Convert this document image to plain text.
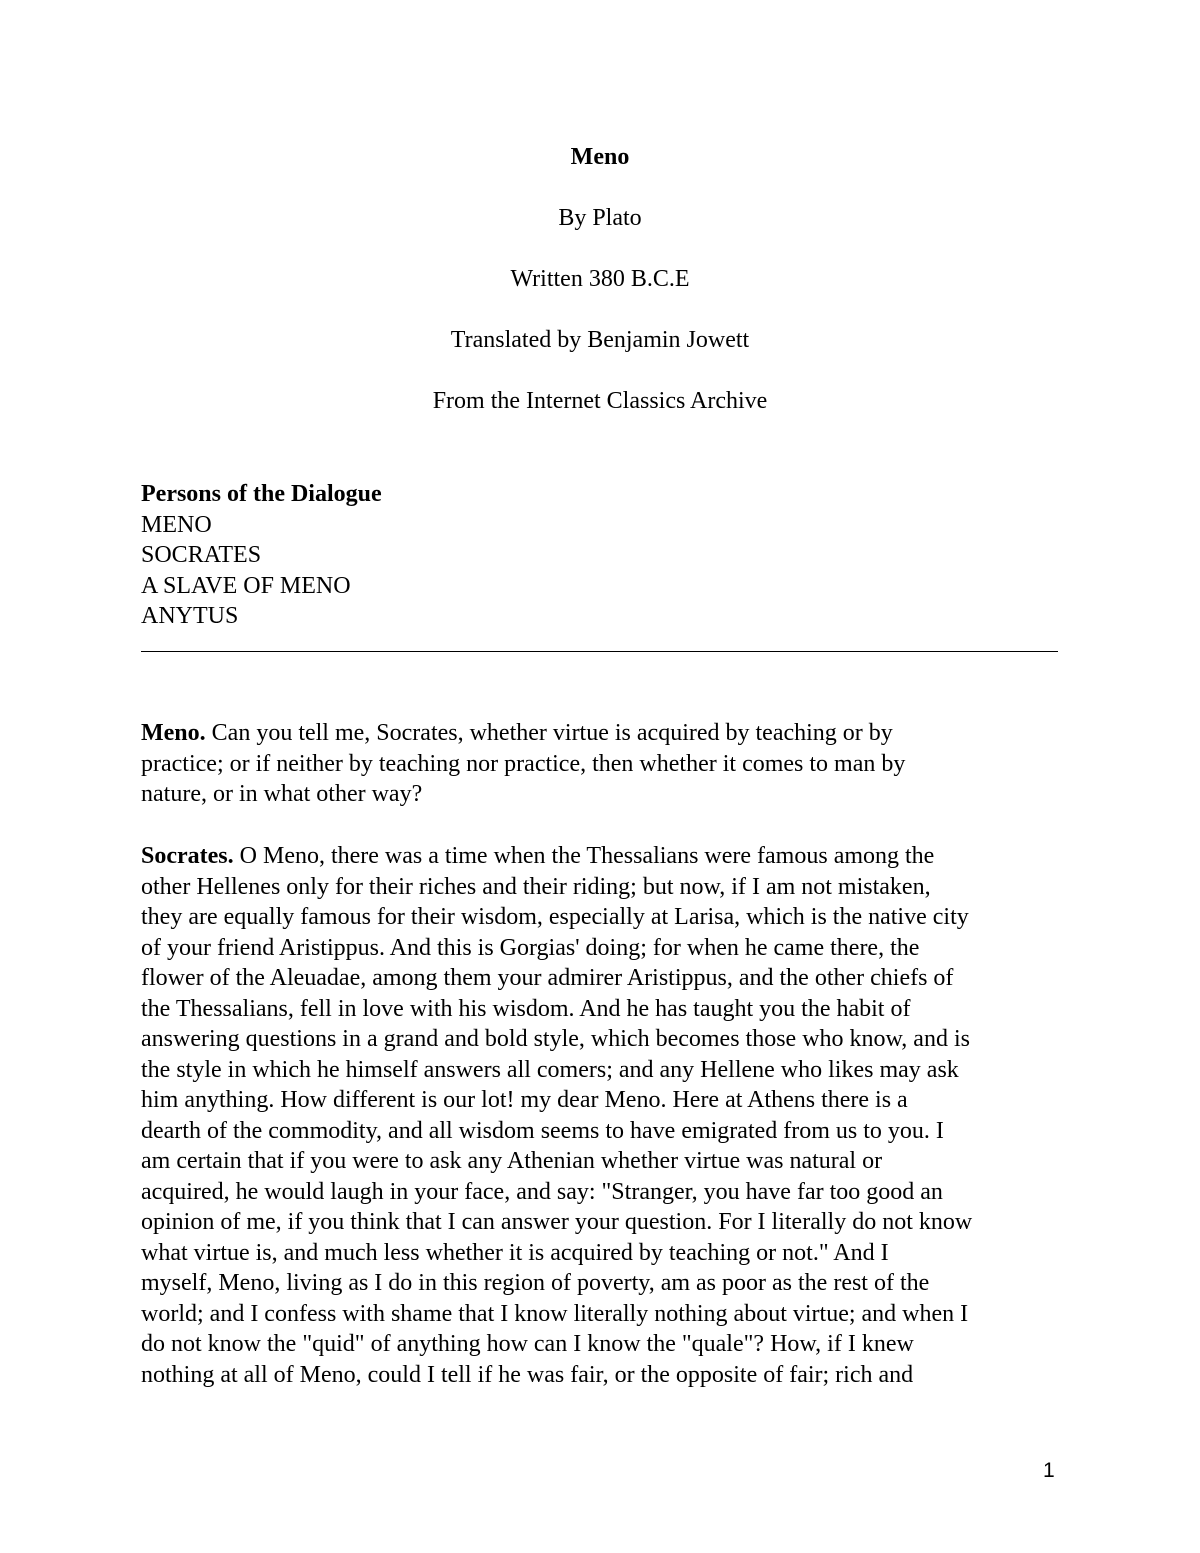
Meno
By Plato
Written 380 B.C.E
Translated by Benjamin Jowett
From the Internet Classics Archive
Persons of the Dialogue
MENO
SOCRATES
A SLAVE OF MENO
ANYTUS
Meno. Can you tell me, Socrates, whether virtue is acquired by teaching or by
practice; or if neither by teaching nor practice, then whether it comes to man by
nature, or in what other way?
Socrates. O Meno, there was a time when the Thessalians were famous among the
other Hellenes only for their riches and their riding; but now, if I am not mistaken,
they are equally famous for their wisdom, especially at Larisa, which is the native city
of your friend Aristippus. And this is Gorgias' doing; for when he came there, the
flower of the Aleuadae, among them your admirer Aristippus, and the other chiefs of
the Thessalians, fell in love with his wisdom. And he has taught you the habit of
answering questions in a grand and bold style, which becomes those who know, and is
the style in which he himself answers all comers; and any Hellene who likes may ask
him anything. How different is our lot! my dear Meno. Here at Athens there is a
dearth of the commodity, and all wisdom seems to have emigrated from us to you. I
am certain that if you were to ask any Athenian whether virtue was natural or
acquired, he would laugh in your face, and say: "Stranger, you have far too good an
opinion of me, if you think that I can answer your question. For I literally do not know
what virtue is, and much less whether it is acquired by teaching or not." And I
myself, Meno, living as I do in this region of poverty, am as poor as the rest of the
world; and I confess with shame that I know literally nothing about virtue; and when I
do not know the "quid" of anything how can I know the "quale"? How, if I knew
nothing at all of Meno, could I tell if he was fair, or the opposite of fair; rich and
1
